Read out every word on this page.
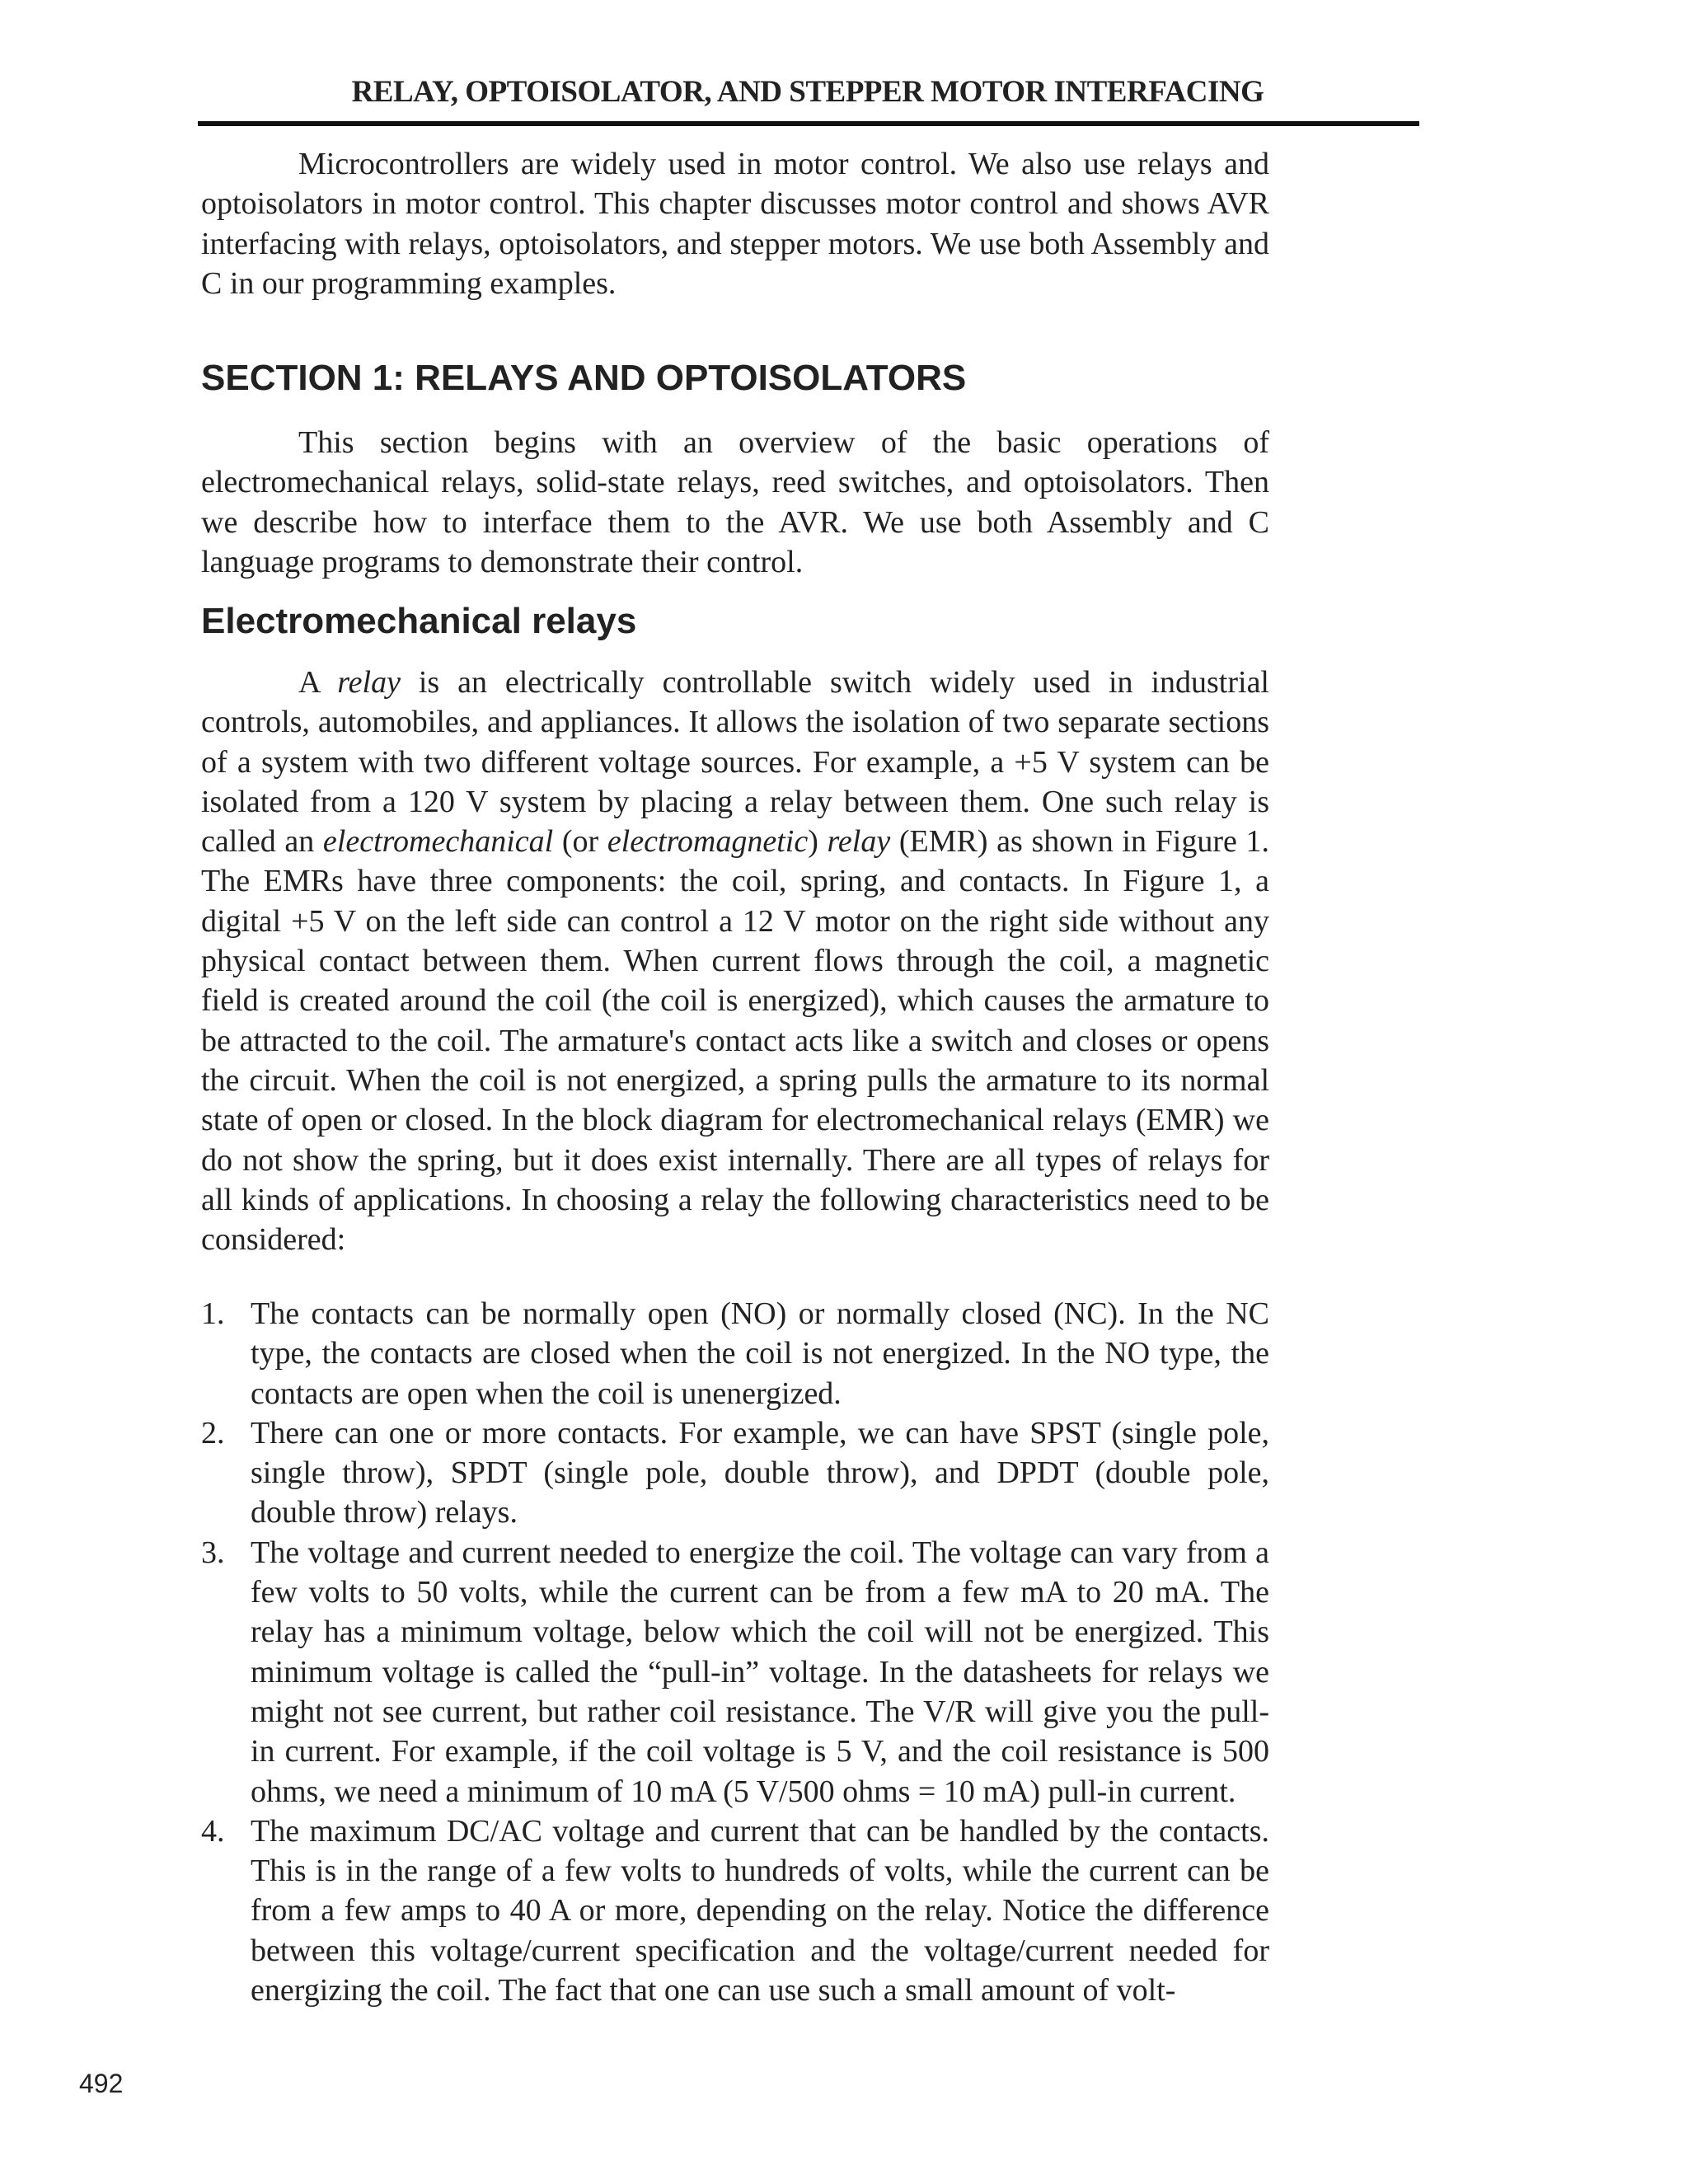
RELAY, OPTOISOLATOR, AND STEPPER MOTOR INTERFACING

Microcontrollers are widely used in motor control. We also use relays and optoisolators in motor control. This chapter discusses motor control and shows AVR interfacing with relays, optoisolators, and stepper motors. We use both Assembly and C in our programming examples.

SECTION 1: RELAYS AND OPTOISOLATORS

This section begins with an overview of the basic operations of electromechanical relays, solid-state relays, reed switches, and optoisolators. Then we describe how to interface them to the AVR. We use both Assembly and C language programs to demonstrate their control.

Electromechanical relays

A relay is an electrically controllable switch widely used in industrial controls, automobiles, and appliances. It allows the isolation of two separate sections of a system with two different voltage sources. For example, a +5 V system can be isolated from a 120 V system by placing a relay between them. One such relay is called an electromechanical (or electromagnetic) relay (EMR) as shown in Figure 1. The EMRs have three components: the coil, spring, and contacts. In Figure 1, a digital +5 V on the left side can control a 12 V motor on the right side without any physical contact between them. When current flows through the coil, a magnetic field is created around the coil (the coil is energized), which causes the armature to be attracted to the coil. The armature's contact acts like a switch and closes or opens the circuit. When the coil is not energized, a spring pulls the armature to its normal state of open or closed. In the block diagram for electromechanical relays (EMR) we do not show the spring, but it does exist internally. There are all types of relays for all kinds of applications. In choosing a relay the following characteristics need to be considered:

1. The contacts can be normally open (NO) or normally closed (NC). In the NC type, the contacts are closed when the coil is not energized. In the NO type, the contacts are open when the coil is unenergized.
2. There can one or more contacts. For example, we can have SPST (single pole, single throw), SPDT (single pole, double throw), and DPDT (double pole, double throw) relays.
3. The voltage and current needed to energize the coil. The voltage can vary from a few volts to 50 volts, while the current can be from a few mA to 20 mA. The relay has a minimum voltage, below which the coil will not be energized. This minimum voltage is called the “pull-in” voltage. In the datasheets for relays we might not see current, but rather coil resistance. The V/R will give you the pull-in current. For example, if the coil voltage is 5 V, and the coil resistance is 500 ohms, we need a minimum of 10 mA (5 V/500 ohms = 10 mA) pull-in current.
4. The maximum DC/AC voltage and current that can be handled by the contacts. This is in the range of a few volts to hundreds of volts, while the current can be from a few amps to 40 A or more, depending on the relay. Notice the difference between this voltage/current specification and the voltage/current needed for energizing the coil. The fact that one can use such a small amount of volt-
492
